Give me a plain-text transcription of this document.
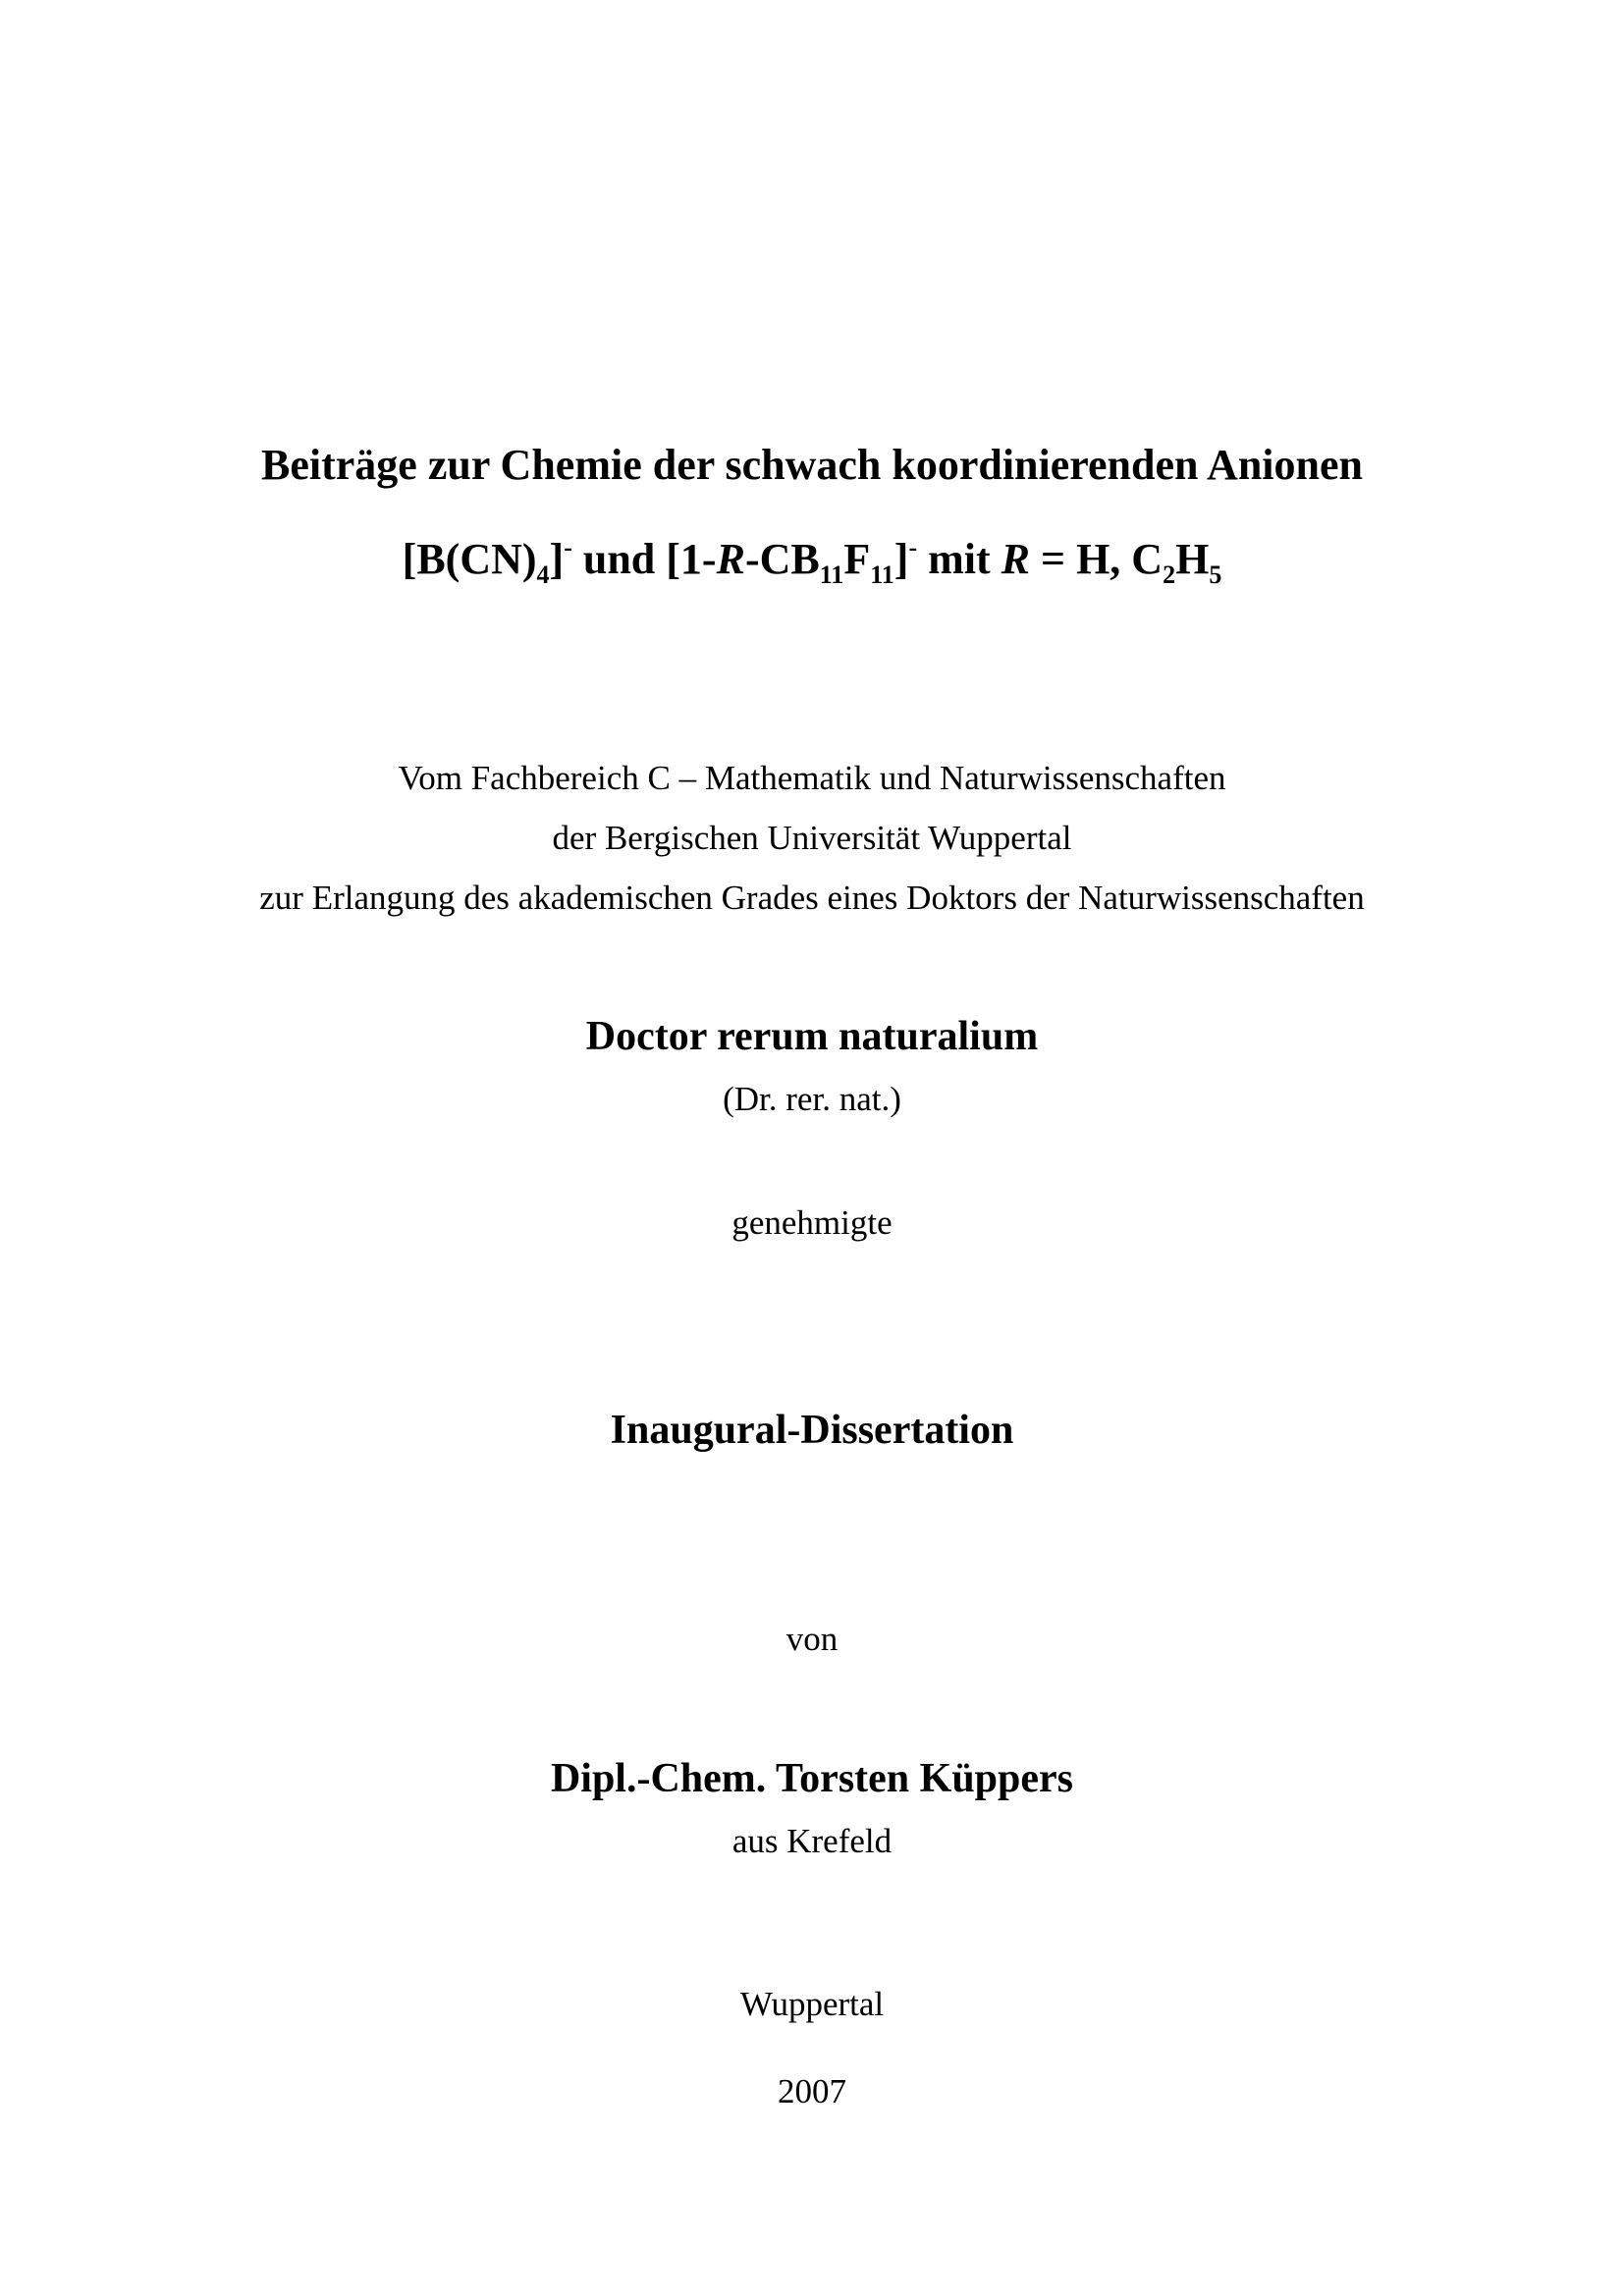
Beiträge zur Chemie der schwach koordinierenden Anionen
$[B(CN)_4]^-$ und $[1-R-CB_{11}F_{11}]^-$ mit R = H, $C_2H_5$
Vom Fachbereich C – Mathematik und Naturwissenschaften
der Bergischen Universität Wuppertal
zur Erlangung des akademischen Grades eines Doktors der Naturwissenschaften
Doctor rerum naturalium
(Dr. rer. nat.)
genehmigte
Inaugural-Dissertation
von
Dipl.-Chem. Torsten Küppers
aus Krefeld
Wuppertal
2007
